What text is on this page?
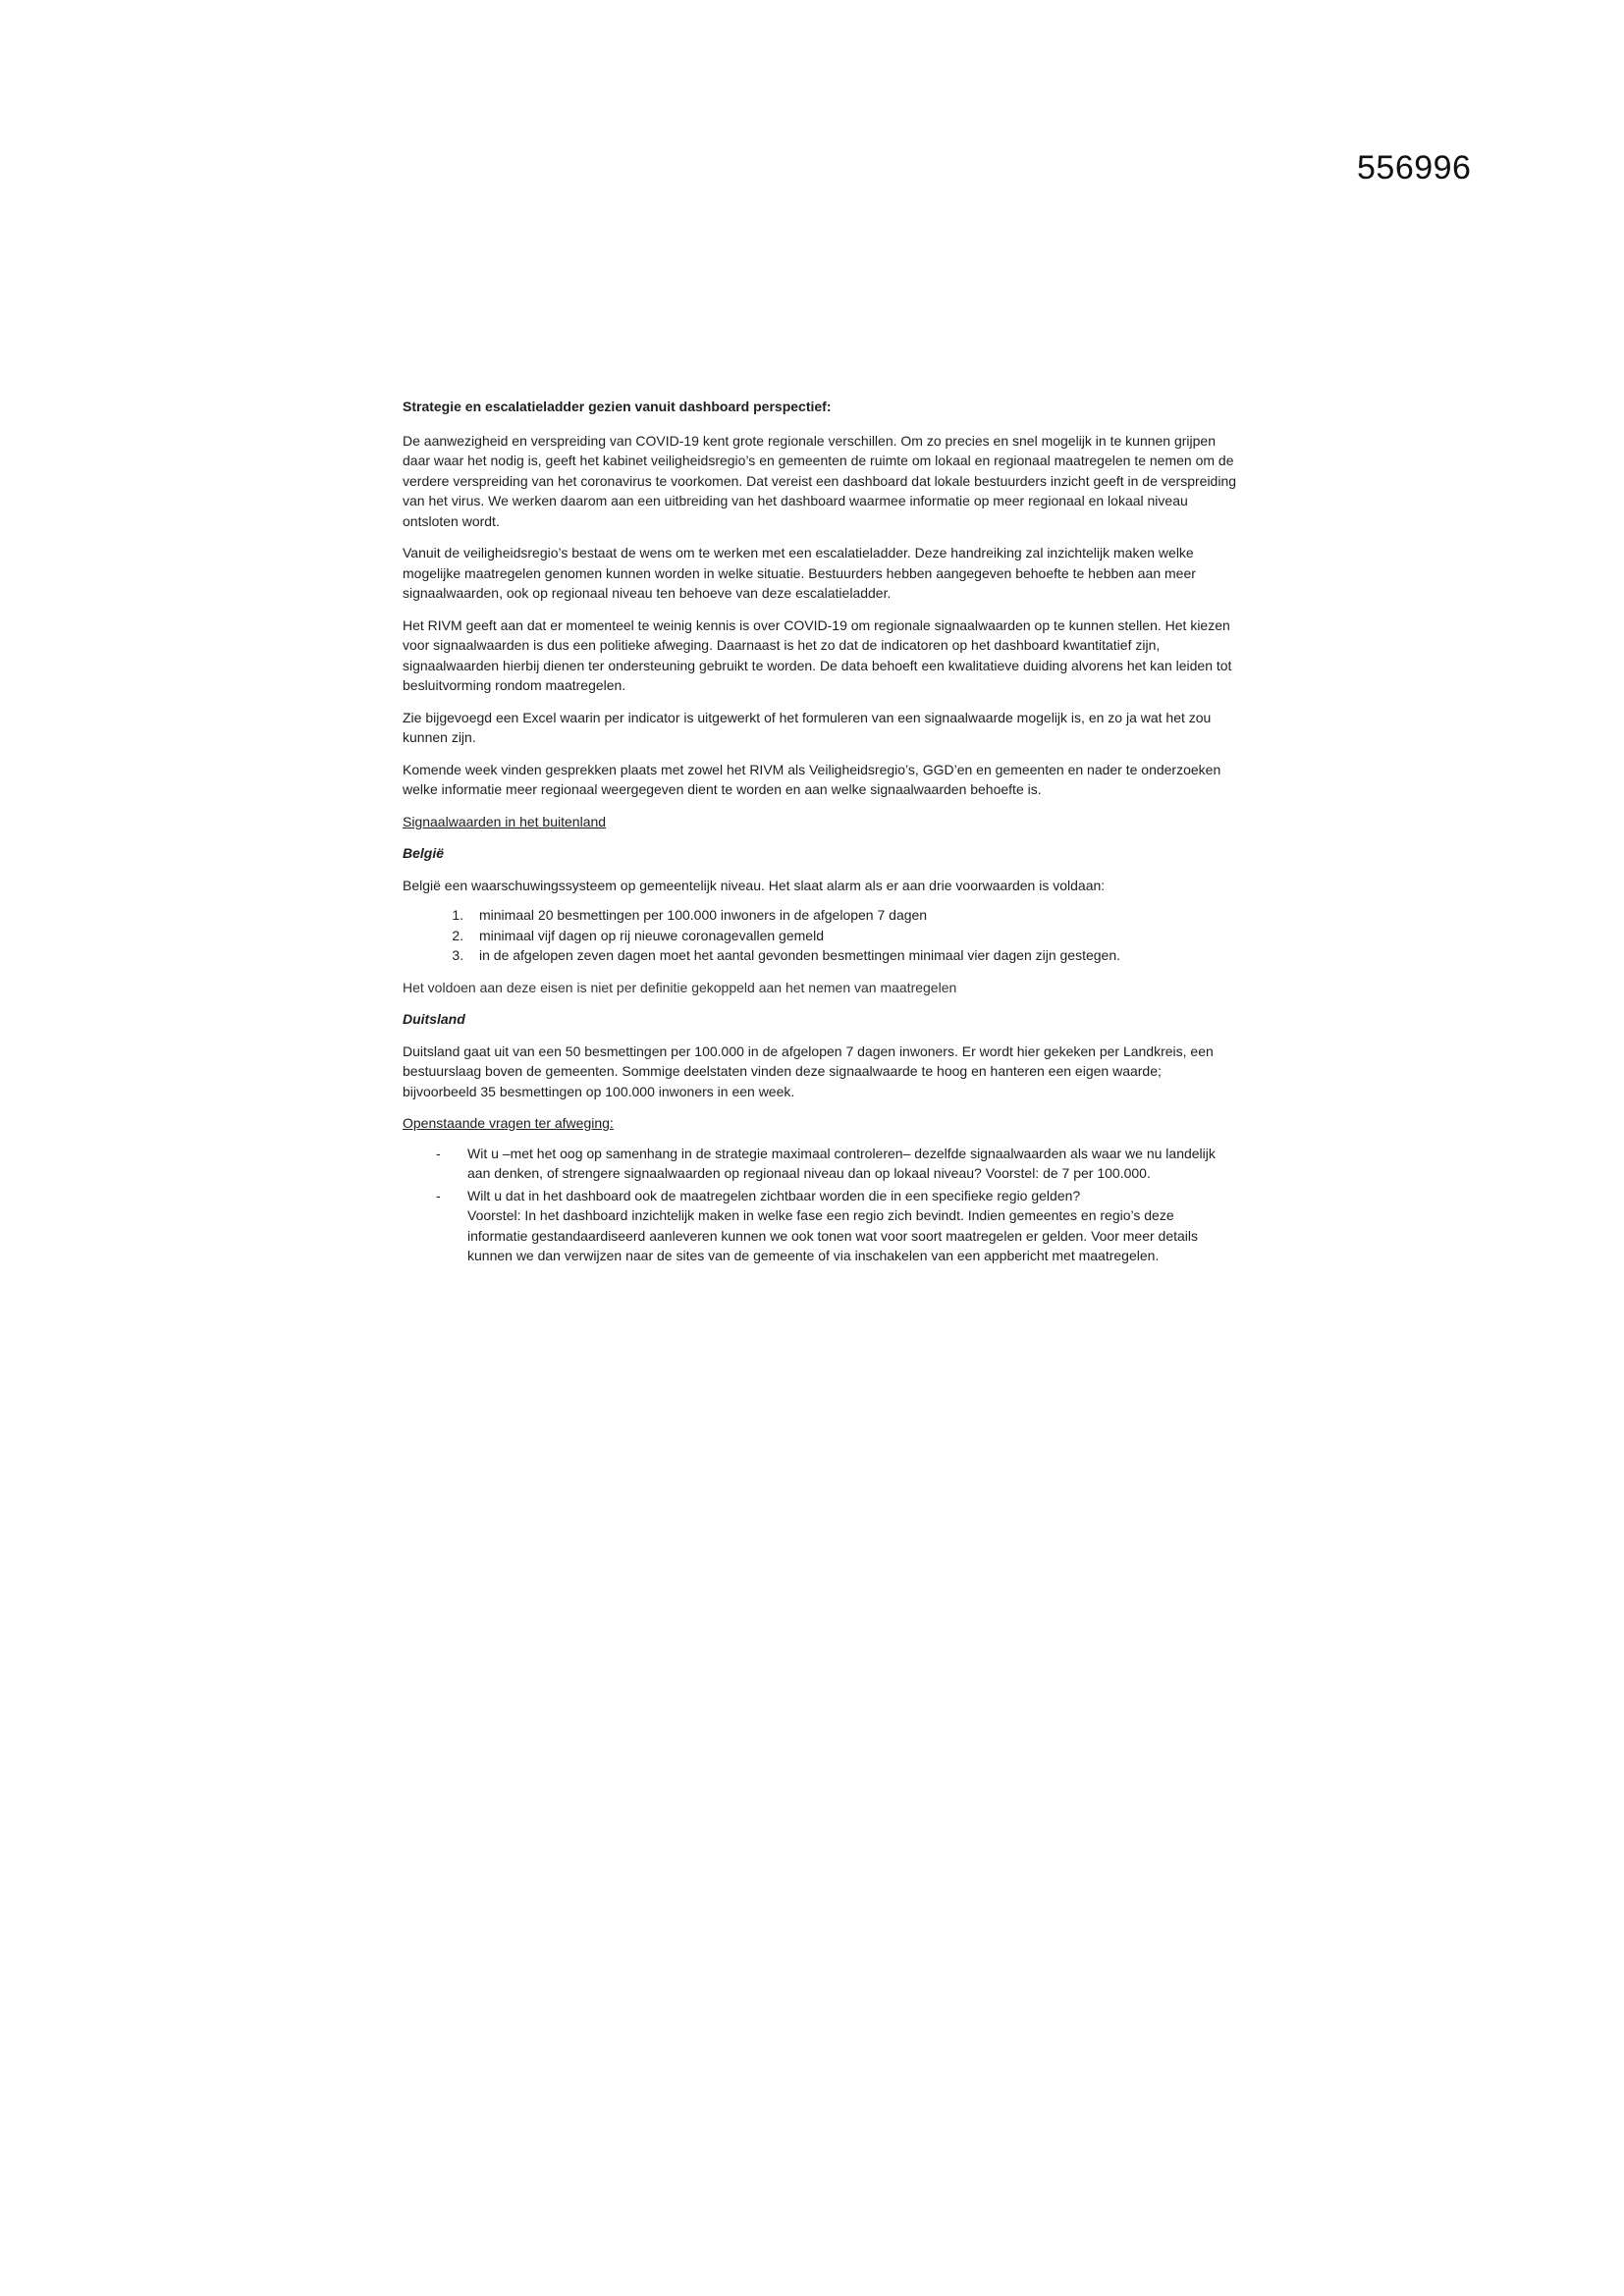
556996

Strategie en escalatieladder gezien vanuit dashboard perspectief:

De aanwezigheid en verspreiding van COVID-19 kent grote regionale verschillen. Om zo precies en snel mogelijk in te kunnen grijpen daar waar het nodig is, geeft het kabinet veiligheidsregio’s en gemeenten de ruimte om lokaal en regionaal maatregelen te nemen om de verdere verspreiding van het coronavirus te voorkomen. Dat vereist een dashboard dat lokale bestuurders inzicht geeft in de verspreiding van het virus. We werken daarom aan een uitbreiding van het dashboard waarmee informatie op meer regionaal en lokaal niveau ontsloten wordt.

Vanuit de veiligheidsregio’s bestaat de wens om te werken met een escalatieladder. Deze handreiking zal inzichtelijk maken welke mogelijke maatregelen genomen kunnen worden in welke situatie. Bestuurders hebben aangegeven behoefte te hebben aan meer signaalwaarden, ook op regionaal niveau ten behoeve van deze escalatieladder.

Het RIVM geeft aan dat er momenteel te weinig kennis is over COVID-19 om regionale signaalwaarden op te kunnen stellen. Het kiezen voor signaalwaarden is dus een politieke afweging. Daarnaast is het zo dat de indicatoren op het dashboard kwantitatief zijn, signaalwaarden hierbij dienen ter ondersteuning gebruikt te worden. De data behoeft een kwalitatieve duiding alvorens het kan leiden tot besluitvorming rondom maatregelen.

Zie bijgevoegd een Excel waarin per indicator is uitgewerkt of het formuleren van een signaalwaarde mogelijk is, en zo ja wat het zou kunnen zijn.

Komende week vinden gesprekken plaats met zowel het RIVM als Veiligheidsregio’s, GGD’en en gemeenten en nader te onderzoeken welke informatie meer regionaal weergegeven dient te worden en aan welke signaalwaarden behoefte is.

Signaalwaarden in het buitenland

België

België een waarschuwingssysteem op gemeentelijk niveau. Het slaat alarm als er aan drie voorwaarden is voldaan:

1. minimaal 20 besmettingen per 100.000 inwoners in de afgelopen 7 dagen
2. minimaal vijf dagen op rij nieuwe coronagevallen gemeld
3. in de afgelopen zeven dagen moet het aantal gevonden besmettingen minimaal vier dagen zijn gestegen.

Het voldoen aan deze eisen is niet per definitie gekoppeld aan het nemen van maatregelen

Duitsland

Duitsland gaat uit van een 50 besmettingen per 100.000 in de afgelopen 7 dagen inwoners. Er wordt hier gekeken per Landkreis, een bestuurslaag boven de gemeenten. Sommige deelstaten vinden deze signaalwaarde te hoog en hanteren een eigen waarde; bijvoorbeeld 35 besmettingen op 100.000 inwoners in een week.

Openstaande vragen ter afweging:

- Wit u –met het oog op samenhang in de strategie maximaal controleren– dezelfde signaalwaarden als waar we nu landelijk aan denken, of strengere signaalwaarden op regionaal niveau dan op lokaal niveau? Voorstel: de 7 per 100.000.
- Wilt u dat in het dashboard ook de maatregelen zichtbaar worden die in een specifieke regio gelden?
Voorstel: In het dashboard inzichtelijk maken in welke fase een regio zich bevindt. Indien gemeentes en regio’s deze informatie gestandaardiseerd aanleveren kunnen we ook tonen wat voor soort maatregelen er gelden. Voor meer details kunnen we dan verwijzen naar de sites van de gemeente of via inschakelen van een appbericht met maatregelen.
